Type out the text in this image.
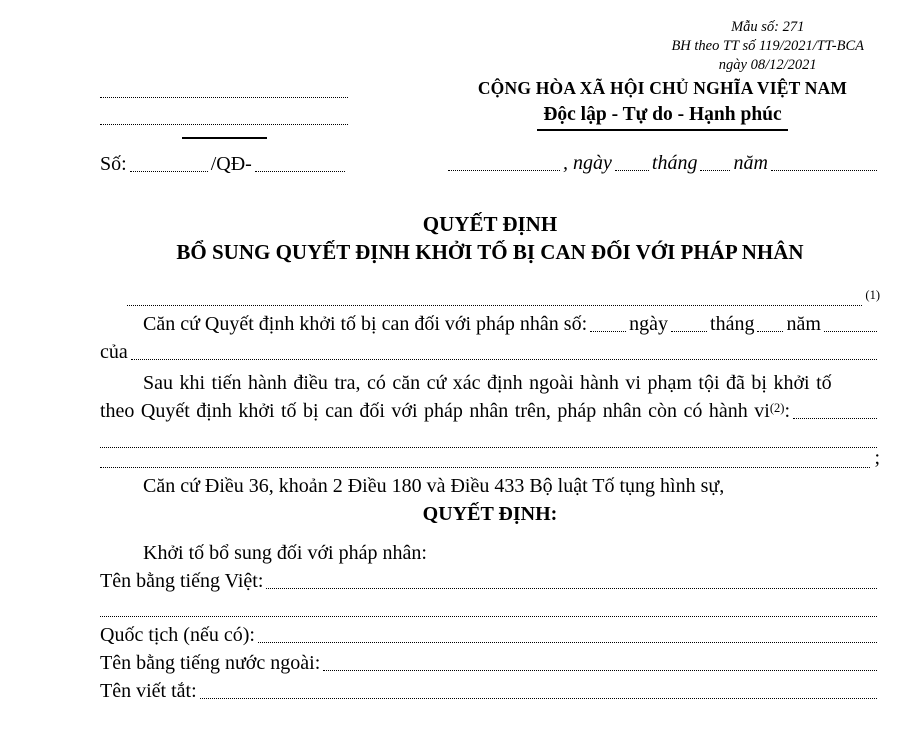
Mẫu số: 271
BH theo TT số 119/2021/TT-BCA
ngày 08/12/2021
Số:	/QĐ-
CỘNG HÒA XÃ HỘI CHỦ NGHĨA VIỆT NAM
Độc lập - Tự do - Hạnh phúc
, ngày tháng năm
QUYẾT ĐỊNH
BỔ SUNG QUYẾT ĐỊNH KHỞI TỐ BỊ CAN ĐỐI VỚI PHÁP NHÂN
(1)
Căn cứ Quyết định khởi tố bị can đối với pháp nhân số: ngày tháng năm
của
Sau khi tiến hành điều tra, có căn cứ xác định ngoài hành vi phạm tội đã bị khởi tố
theo Quyết định khởi tố bị can đối với pháp nhân trên, pháp nhân còn có hành vi (2) :
;
Căn cứ Điều 36, khoản 2 Điều 180 và Điều 433 Bộ luật Tố tụng hình sự,
QUYẾT ĐỊNH:
Khởi tố bổ sung đối với pháp nhân:
Tên bằng tiếng Việt:
Quốc tịch (nếu có):
Tên bằng tiếng nước ngoài:
Tên viết tắt:
